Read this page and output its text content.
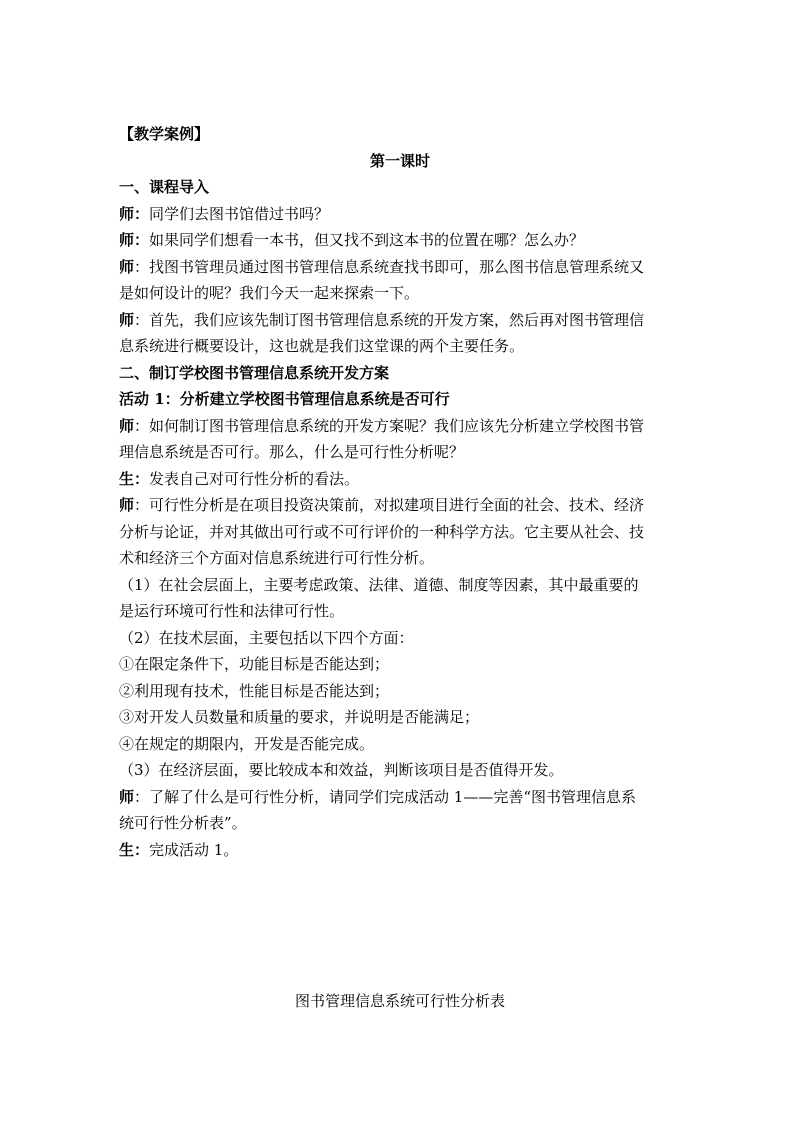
【教学案例】
第一课时
一、课程导入
师：同学们去图书馆借过书吗？
师：如果同学们想看一本书，但又找不到这本书的位置在哪？怎么办？
师：找图书管理员通过图书管理信息系统查找书即可，那么图书信息管理系统又
是如何设计的呢？我们今天一起来探索一下。
师：首先，我们应该先制订图书管理信息系统的开发方案，然后再对图书管理信
息系统进行概要设计，这也就是我们这堂课的两个主要任务。
二、制订学校图书管理信息系统开发方案
活动 1：分析建立学校图书管理信息系统是否可行
师：如何制订图书管理信息系统的开发方案呢？我们应该先分析建立学校图书管
理信息系统是否可行。那么，什么是可行性分析呢？
生：发表自己对可行性分析的看法。
师：可行性分析是在项目投资决策前，对拟建项目进行全面的社会、技术、经济
分析与论证，并对其做出可行或不可行评价的一种科学方法。它主要从社会、技
术和经济三个方面对信息系统进行可行性分析。
（1）在社会层面上，主要考虑政策、法律、道德、制度等因素，其中最重要的
是运行环境可行性和法律可行性。
（2）在技术层面，主要包括以下四个方面：
①在限定条件下，功能目标是否能达到；
②利用现有技术，性能目标是否能达到；
③对开发人员数量和质量的要求，并说明是否能满足；
④在规定的期限内，开发是否能完成。
（3）在经济层面，要比较成本和效益，判断该项目是否值得开发。
师：了解了什么是可行性分析，请同学们完成活动 1——完善“图书管理信息系
统可行性分析表”。
生：完成活动 1。
图书管理信息系统可行性分析表
